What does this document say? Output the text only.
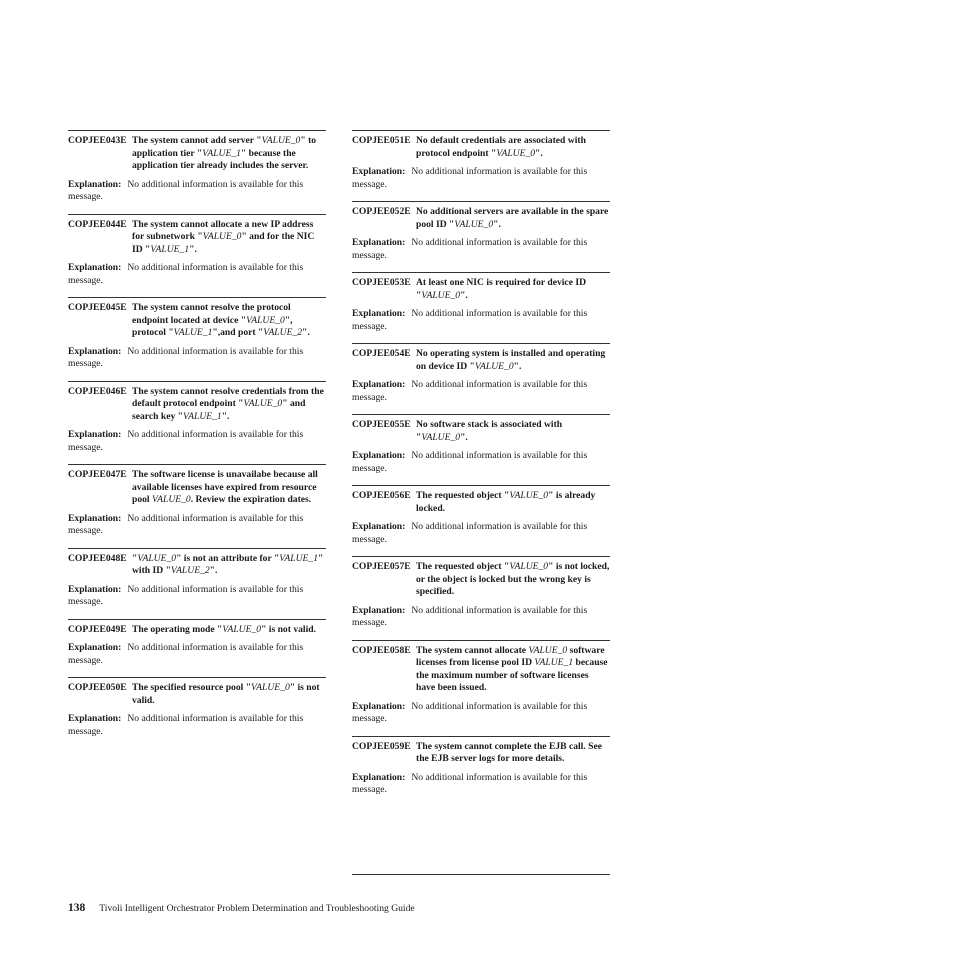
COPJEE043E The system cannot add server "VALUE_0" to application tier "VALUE_1" because the application tier already includes the server.
Explanation: No additional information is available for this message.
COPJEE044E The system cannot allocate a new IP address for subnetwork "VALUE_0" and for the NIC ID "VALUE_1".
Explanation: No additional information is available for this message.
COPJEE045E The system cannot resolve the protocol endpoint located at device "VALUE_0", protocol "VALUE_1",and port "VALUE_2".
Explanation: No additional information is available for this message.
COPJEE046E The system cannot resolve credentials from the default protocol endpoint "VALUE_0" and search key "VALUE_1".
Explanation: No additional information is available for this message.
COPJEE047E The software license is unavailabe because all available licenses have expired from resource pool VALUE_0. Review the expiration dates.
Explanation: No additional information is available for this message.
COPJEE048E "VALUE_0" is not an attribute for "VALUE_1" with ID "VALUE_2".
Explanation: No additional information is available for this message.
COPJEE049E The operating mode "VALUE_0" is not valid.
Explanation: No additional information is available for this message.
COPJEE050E The specified resource pool "VALUE_0" is not valid.
Explanation: No additional information is available for this message.
COPJEE051E No default credentials are associated with protocol endpoint "VALUE_0".
Explanation: No additional information is available for this message.
COPJEE052E No additional servers are available in the spare pool ID "VALUE_0".
Explanation: No additional information is available for this message.
COPJEE053E At least one NIC is required for device ID "VALUE_0".
Explanation: No additional information is available for this message.
COPJEE054E No operating system is installed and operating on device ID "VALUE_0".
Explanation: No additional information is available for this message.
COPJEE055E No software stack is associated with "VALUE_0".
Explanation: No additional information is available for this message.
COPJEE056E The requested object "VALUE_0" is already locked.
Explanation: No additional information is available for this message.
COPJEE057E The requested object "VALUE_0" is not locked, or the object is locked but the wrong key is specified.
Explanation: No additional information is available for this message.
COPJEE058E The system cannot allocate VALUE_0 software licenses from license pool ID VALUE_1 because the maximum number of software licenses have been issued.
Explanation: No additional information is available for this message.
COPJEE059E The system cannot complete the EJB call. See the EJB server logs for more details.
Explanation: No additional information is available for this message.
138 Tivoli Intelligent Orchestrator Problem Determination and Troubleshooting Guide
